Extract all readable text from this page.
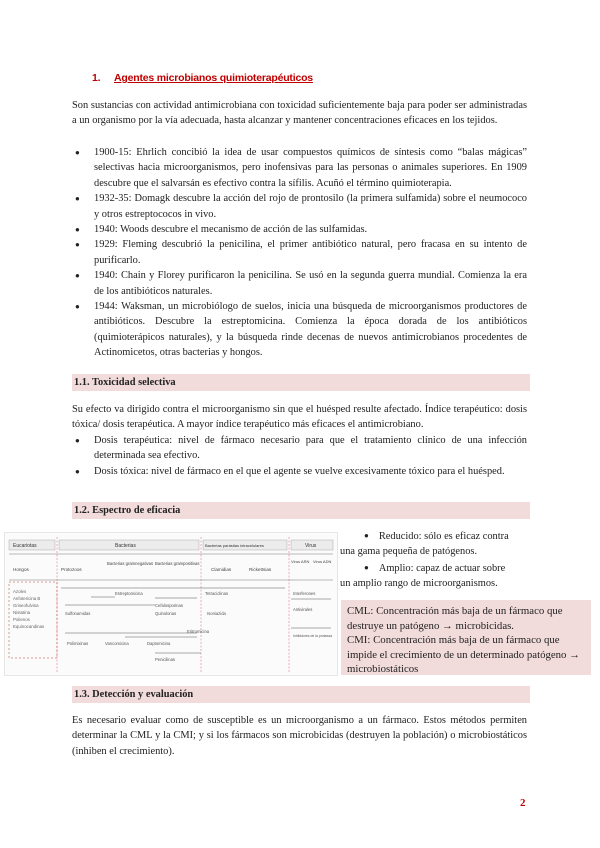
1. Agentes microbianos quimioterapéuticos

Son sustancias con actividad antimicrobiana con toxicidad suficientemente baja para poder ser administradas a un organismo por la vía adecuada, hasta alcanzar y mantener concentraciones eficaces en los tejidos.

● 1900-15: Ehrlich concibió la idea de usar compuestos químicos de síntesis como “balas mágicas” selectivas hacia microorganismos, pero inofensivas para las personas o animales superiores. En 1909 descubre que el salvarsán es efectivo contra la sífilis. Acuñó el término quimioterapia.
● 1932-35: Domagk descubre la acción del rojo de prontosilo (la primera sulfamida) sobre el neumococo y otros estreptococos in vivo.
● 1940: Woods descubre el mecanismo de acción de las sulfamidas.
● 1929: Fleming descubrió la penicilina, el primer antibiótico natural, pero fracasa en su intento de purificarlo.
● 1940: Chain y Florey purificaron la penicilina. Se usó en la segunda guerra mundial. Comienza la era de los antibióticos naturales.
● 1944: Waksman, un microbiólogo de suelos, inicia una búsqueda de microorganismos productores de antibióticos. Descubre la estreptomicina. Comienza la época dorada de los antibióticos (quimioterápicos naturales), y la búsqueda rinde decenas de nuevos antimicrobianos procedentes de Actinomicetos, otras bacterias y hongos.
1.1. Toxicidad selectiva

Su efecto va dirigido contra el microorganismo sin que el huésped resulte afectado. Índice terapéutico: dosis tóxica/ dosis terapéutica. A mayor índice terapéutico más eficaces el antimicrobiano.

● Dosis terapéutica: nivel de fármaco necesario para que el tratamiento clínico de una infección determinada sea efectivo.
● Dosis tóxica: nivel de fármaco en el que el agente se vuelve excesivamente tóxico para el huésped.
1.2. Espectro de eficacia
Eucariotas	Bacterias	Bacterias parásitas intracelulares	Virus
Hongos	Protozoos
Bacterias gramnegativas Bacterias grampositivas
Clamidias	Rickettsias
Virus ARN Virus ADN
Azoles
Anfotericina B
Griseofulvina
Nistatina
Polienos
Equinocandinas
Estreptomicina	Tetraciclinas
Sulfonamidas
Cefalosporinas
Quinolonas	Isoniazida
Polimixinas	Vancomicina	Daptomicina
Eritromicina
Penicilinas
Interferones
Antivirales
Inhibidores de la proteasa
● Reducido: sólo es eficaz contra
una gama pequeña de patógenos.
● Amplio: capaz de actuar sobre
un amplio rango de microorganismos.
CML: Concentración más baja de un fármaco que destruye un patógeno → microbicidas.
CMI: Concentración más baja de un fármaco que impide el crecimiento de un determinado patógeno → microbiostáticos
1.3. Detección y evaluación

Es necesario evaluar como de susceptible es un microorganismo a un fármaco. Estos métodos permiten determinar la CML y la CMI; y si los fármacos son microbicidas (destruyen la población) o microbiostáticos (inhiben el crecimiento).

2
